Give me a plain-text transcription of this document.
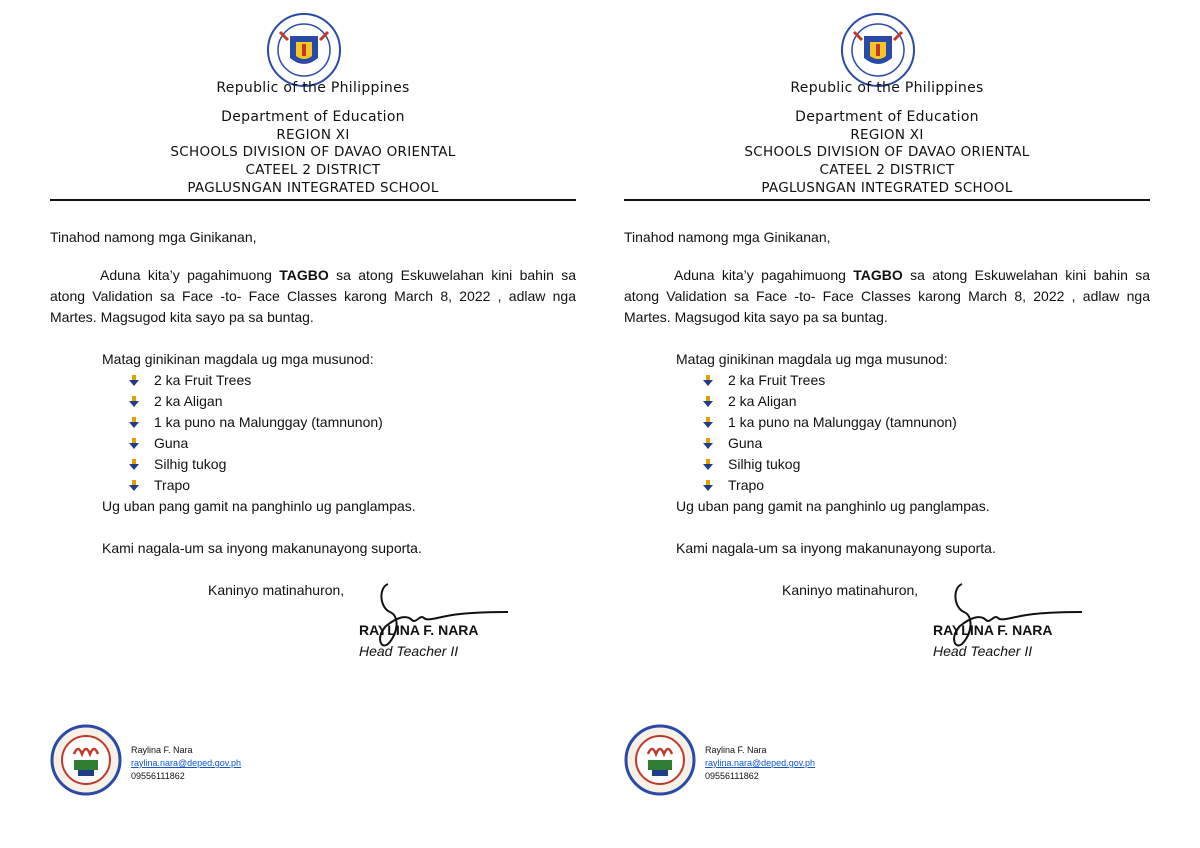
Republic of the Philippines
Department of Education
REGION XI
SCHOOLS DIVISION OF DAVAO ORIENTAL
CATEEL 2 DISTRICT
PAGLUSNGAN INTEGRATED SCHOOL
Tinahod namong mga Ginikanan,
Aduna kita’y pagahimuong TAGBO sa atong Eskuwelahan kini bahin sa atong Validation sa Face -to- Face Classes karong March 8, 2022 , adlaw nga Martes. Magsugod kita sayo pa sa buntag.
Matag ginikinan magdala ug mga musunod:
2 ka Fruit Trees
2 ka Aligan
1 ka puno na Malunggay (tamnunon)
Guna
Silhig tukog
Trapo
Ug uban pang gamit na panghinlo ug panglampas.
Kami nagala-um sa inyong makanunayong suporta.
Kaninyo matinahuron,
RAYLINA F. NARA
Head Teacher II
Raylina F. Nara
raylina.nara@deped.gov.ph
09556111862
Republic of the Philippines
Department of Education
REGION XI
SCHOOLS DIVISION OF DAVAO ORIENTAL
CATEEL 2 DISTRICT
PAGLUSNGAN INTEGRATED SCHOOL
Tinahod namong mga Ginikanan,
Aduna kita’y pagahimuong TAGBO sa atong Eskuwelahan kini bahin sa atong Validation sa Face -to- Face Classes karong March 8, 2022 , adlaw nga Martes. Magsugod kita sayo pa sa buntag.
Matag ginikinan magdala ug mga musunod:
2 ka Fruit Trees
2 ka Aligan
1 ka puno na Malunggay (tamnunon)
Guna
Silhig tukog
Trapo
Ug uban pang gamit na panghinlo ug panglampas.
Kami nagala-um sa inyong makanunayong suporta.
Kaninyo matinahuron,
RAYLINA F. NARA
Head Teacher II
Raylina F. Nara
raylina.nara@deped.gov.ph
09556111862
